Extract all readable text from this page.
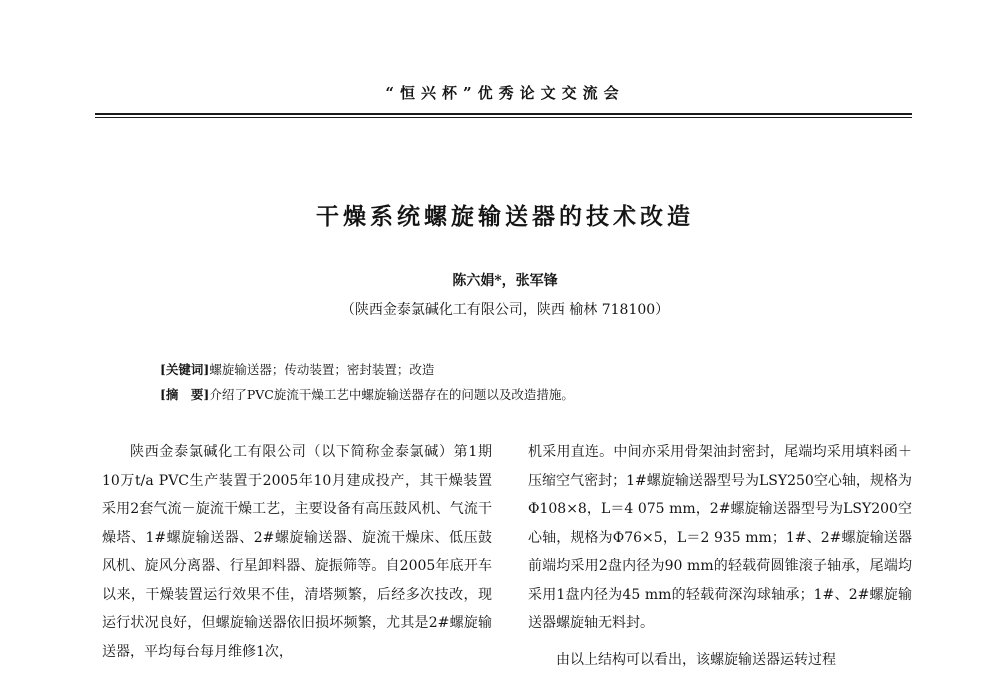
“恒兴杯”优秀论文交流会
干燥系统螺旋输送器的技术改造
陈六娟*，张军锋
（陕西金泰氯碱化工有限公司，陕西 榆林 718100）
[关键词]螺旋输送器；传动装置；密封装置；改造
[摘　要]介绍了PVC旋流干燥工艺中螺旋输送器存在的问题以及改造措施。

陕西金泰氯碱化工有限公司（以下简称金泰氯碱）第1期10万t/a PVC生产装置于2005年10月建成投产，其干燥装置采用2套气流－旋流干燥工艺，主要设备有高压鼓风机、气流干燥塔、1#螺旋输送器、2#螺旋输送器、旋流干燥床、低压鼓风机、旋风分离器、行星卸料器、旋振筛等。自2005年底开车以来，干燥装置运行效果不佳，清塔频繁，后经多次技改，现运行状况良好，但螺旋输送器依旧损坏频繁，尤其是2#螺旋输送器，平均每台每月维修1次，

机采用直连。中间亦采用骨架油封密封，尾端均采用填料函＋压缩空气密封；1#螺旋输送器型号为LSY250空心轴，规格为Φ108×8，L＝4 075 mm，2#螺旋输送器型号为LSY200空心轴，规格为Φ76×5，L＝2 935 mm；1#、2#螺旋输送器前端均采用2盘内径为90 mm的轻载荷圆锥滚子轴承，尾端均采用1盘内径为45 mm的轻载荷深沟球轴承；1#、2#螺旋输送器螺旋轴无料封。

由以上结构可以看出，该螺旋输送器运转过程
